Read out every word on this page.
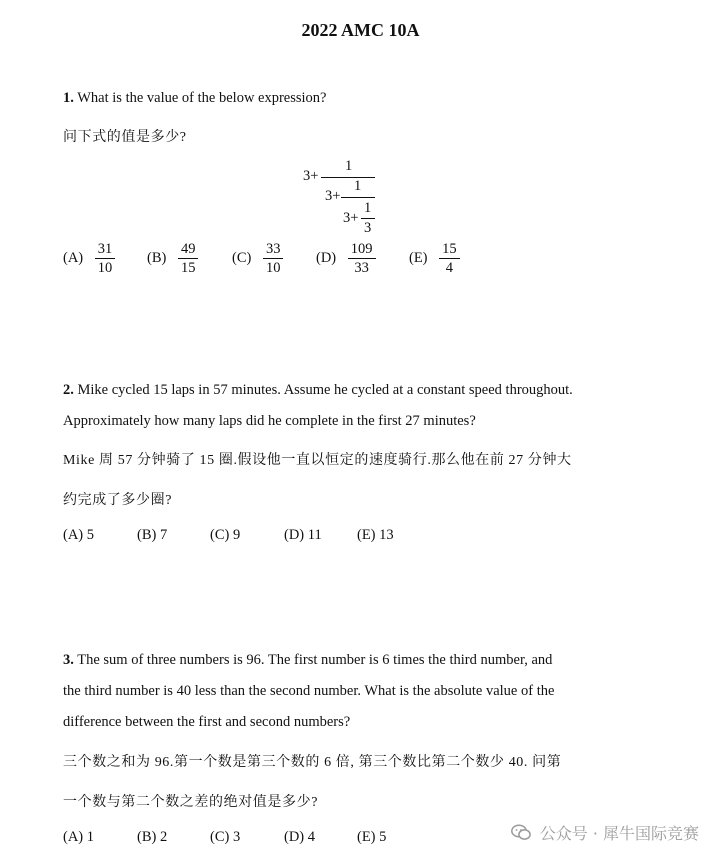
2022 AMC 10A
1. What is the value of the below expression?
问下式的值是多少?
3+
1
3+
1
3+
1
3
$(A) \frac{31}{10} (B) \frac{49}{15} (C) \frac{33}{10} (D) \frac{109}{33} (E) \frac{15}{4}$
2. Mike cycled 15 laps in 57 minutes. Assume he cycled at a constant speed throughout.
Approximately how many laps did he complete in the first 27 minutes?
Mike 周 57 分钟骑了 15 圈.假设他一直以恒定的速度骑行.那么他在前 27 分钟大
约完成了多少圈?
(A) 5	(B) 7	(C) 9	(D) 11 (E) 13
3. The sum of three numbers is 96. The first number is 6 times the third number, and
the third number is 40 less than the second number. What is the absolute value of the
difference between the first and second numbers?
三个数之和为 96.第一个数是第三个数的 6 倍, 第三个数比第二个数少 40. 问第
一个数与第二个数之差的绝对值是多少?
(A) 1	(B) 2	(C) 3	(D) 4	(E) 5	公众号 · 犀牛国际竞赛
